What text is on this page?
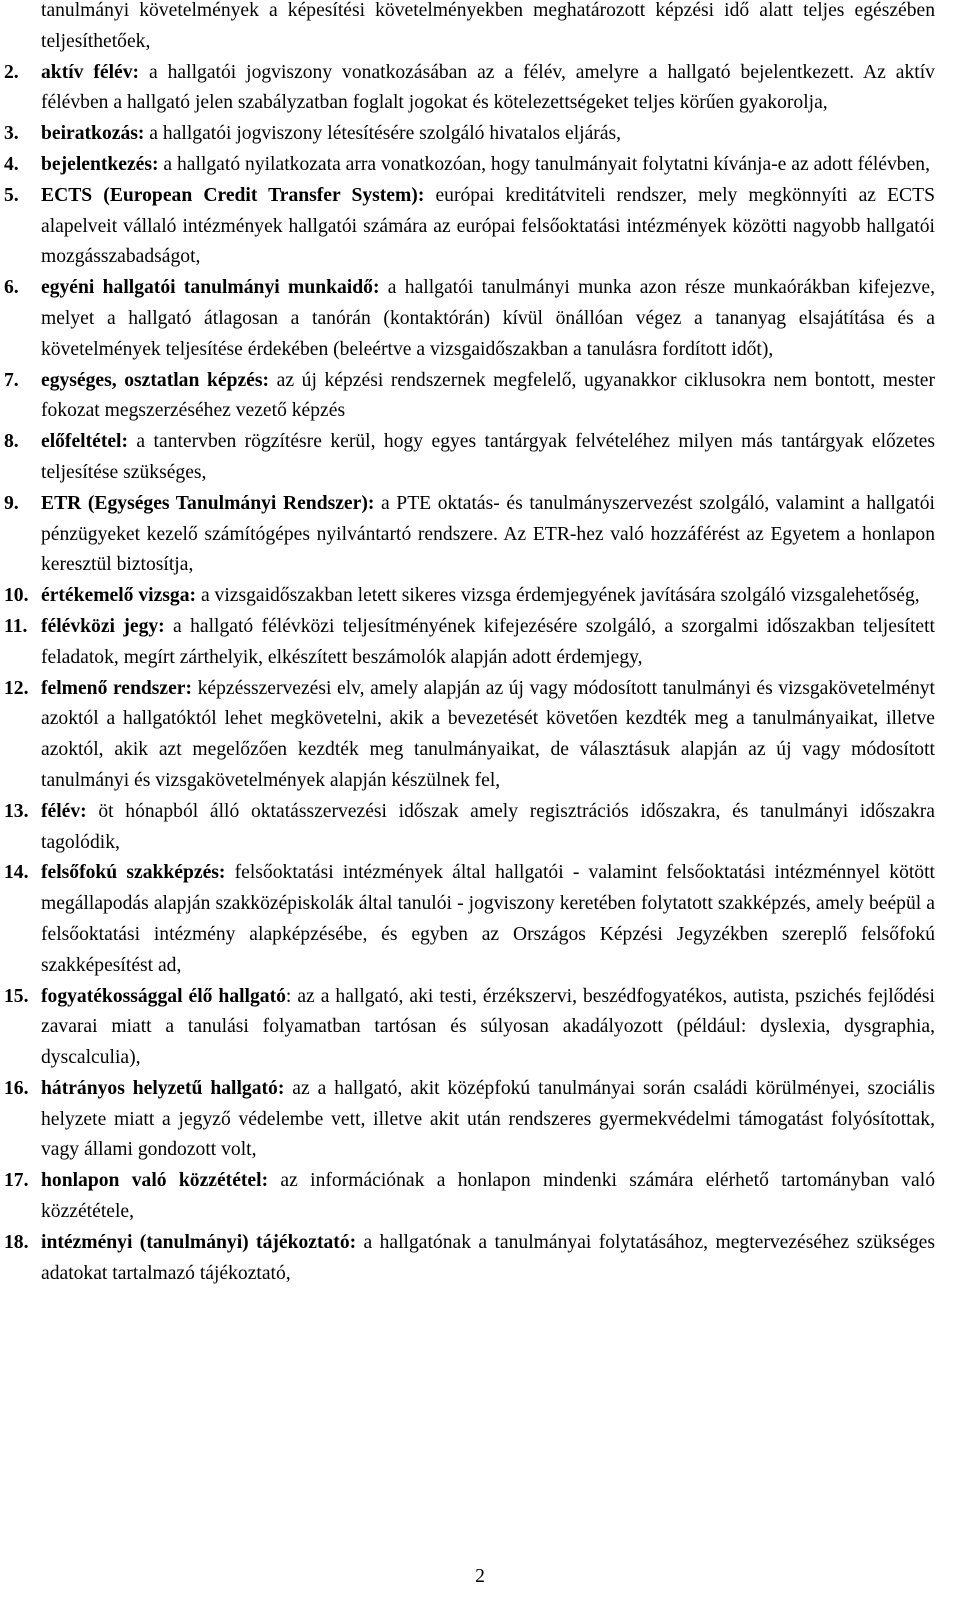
tanulmányi követelmények a képesítési követelményekben meghatározott képzési idő alatt teljes egészében teljesíthetőek,
2.	aktív félév: a hallgatói jogviszony vonatkozásában az a félév, amelyre a hallgató bejelentkezett. Az aktív félévben a hallgató jelen szabályzatban foglalt jogokat és kötelezettségeket teljes körűen gyakorolja,
3.	beiratkozás: a hallgatói jogviszony létesítésére szolgáló hivatalos eljárás,
4.	bejelentkezés: a hallgató nyilatkozata arra vonatkozóan, hogy tanulmányait folytatni kívánja-e az adott félévben,
5.	ECTS (European Credit Transfer System): európai kreditátviteli rendszer, mely megkönnyíti az ECTS alapelveit vállaló intézmények hallgatói számára az európai felsőoktatási intézmények közötti nagyobb hallgatói mozgásszabadságot,
6.	egyéni hallgatói tanulmányi munkaidő: a hallgatói tanulmányi munka azon része munkaórákban kifejezve, melyet a hallgató átlagosan a tanórán (kontaktórán) kívül önállóan végez a tananyag elsajátítása és a követelmények teljesítése érdekében (beleértve a vizsgaidőszakban a tanulásra fordított időt),
7.	egységes, osztatlan képzés: az új képzési rendszernek megfelelő, ugyanakkor ciklusokra nem bontott, mester fokozat megszerzéséhez vezető képzés
8.	előfeltétel: a tantervben rögzítésre kerül, hogy egyes tantárgyak felvételéhez milyen más tantárgyak előzetes teljesítése szükséges,
9.	ETR (Egységes Tanulmányi Rendszer): a PTE oktatás- és tanulmányszervezést szolgáló, valamint a hallgatói pénzügyeket kezelő számítógépes nyilvántartó rendszere. Az ETR-hez való hozzáférést az Egyetem a honlapon keresztül biztosítja,
10. értékemelő vizsga: a vizsgaidőszakban letett sikeres vizsga érdemjegyének javítására szolgáló vizsgalehetőség,
11. félévközi jegy: a hallgató félévközi teljesítményének kifejezésére szolgáló, a szorgalmi időszakban teljesített feladatok, megírt zárthelyik, elkészített beszámolók alapján adott érdemjegy,
12. felmenő rendszer: képzésszervezési elv, amely alapján az új vagy módosított tanulmányi és vizsgakövetelményt azoktól a hallgatóktól lehet megkövetelni, akik a bevezetését követően kezdték meg a tanulmányaikat, illetve azoktól, akik azt megelőzően kezdték meg tanulmányaikat, de választásuk alapján az új vagy módosított tanulmányi és vizsgakövetelmények alapján készülnek fel,
13. félév: öt hónapból álló oktatásszervezési időszak amely regisztrációs időszakra, és tanulmányi időszakra tagolódik,
14. felsőfokú szakképzés: felsőoktatási intézmények által hallgatói - valamint felsőoktatási intézménnyel kötött megállapodás alapján szakközépiskolák által tanulói - jogviszony keretében folytatott szakképzés, amely beépül a felsőoktatási intézmény alapképzésébe, és egyben az Országos Képzési Jegyzékben szereplő felsőfokú szakképesítést ad,
15. fogyatékossággal élő hallgató: az a hallgató, aki testi, érzékszervi, beszédfogyatékos, autista, pszichés fejlődési zavarai miatt a tanulási folyamatban tartósan és súlyosan akadályozott (például: dyslexia, dysgraphia, dyscalculia),
16. hátrányos helyzetű hallgató: az a hallgató, akit középfokú tanulmányai során családi körülményei, szociális helyzete miatt a jegyző védelembe vett, illetve akit után rendszeres gyermekvédelmi támogatást folyósítottak, vagy állami gondozott volt,
17. honlapon való közzététel: az információnak a honlapon mindenki számára elérhető tartományban való közzététele,
18. intézményi (tanulmányi) tájékoztató: a hallgatónak a tanulmányai folytatásához, megtervezéséhez szükséges adatokat tartalmazó tájékoztató,
2
